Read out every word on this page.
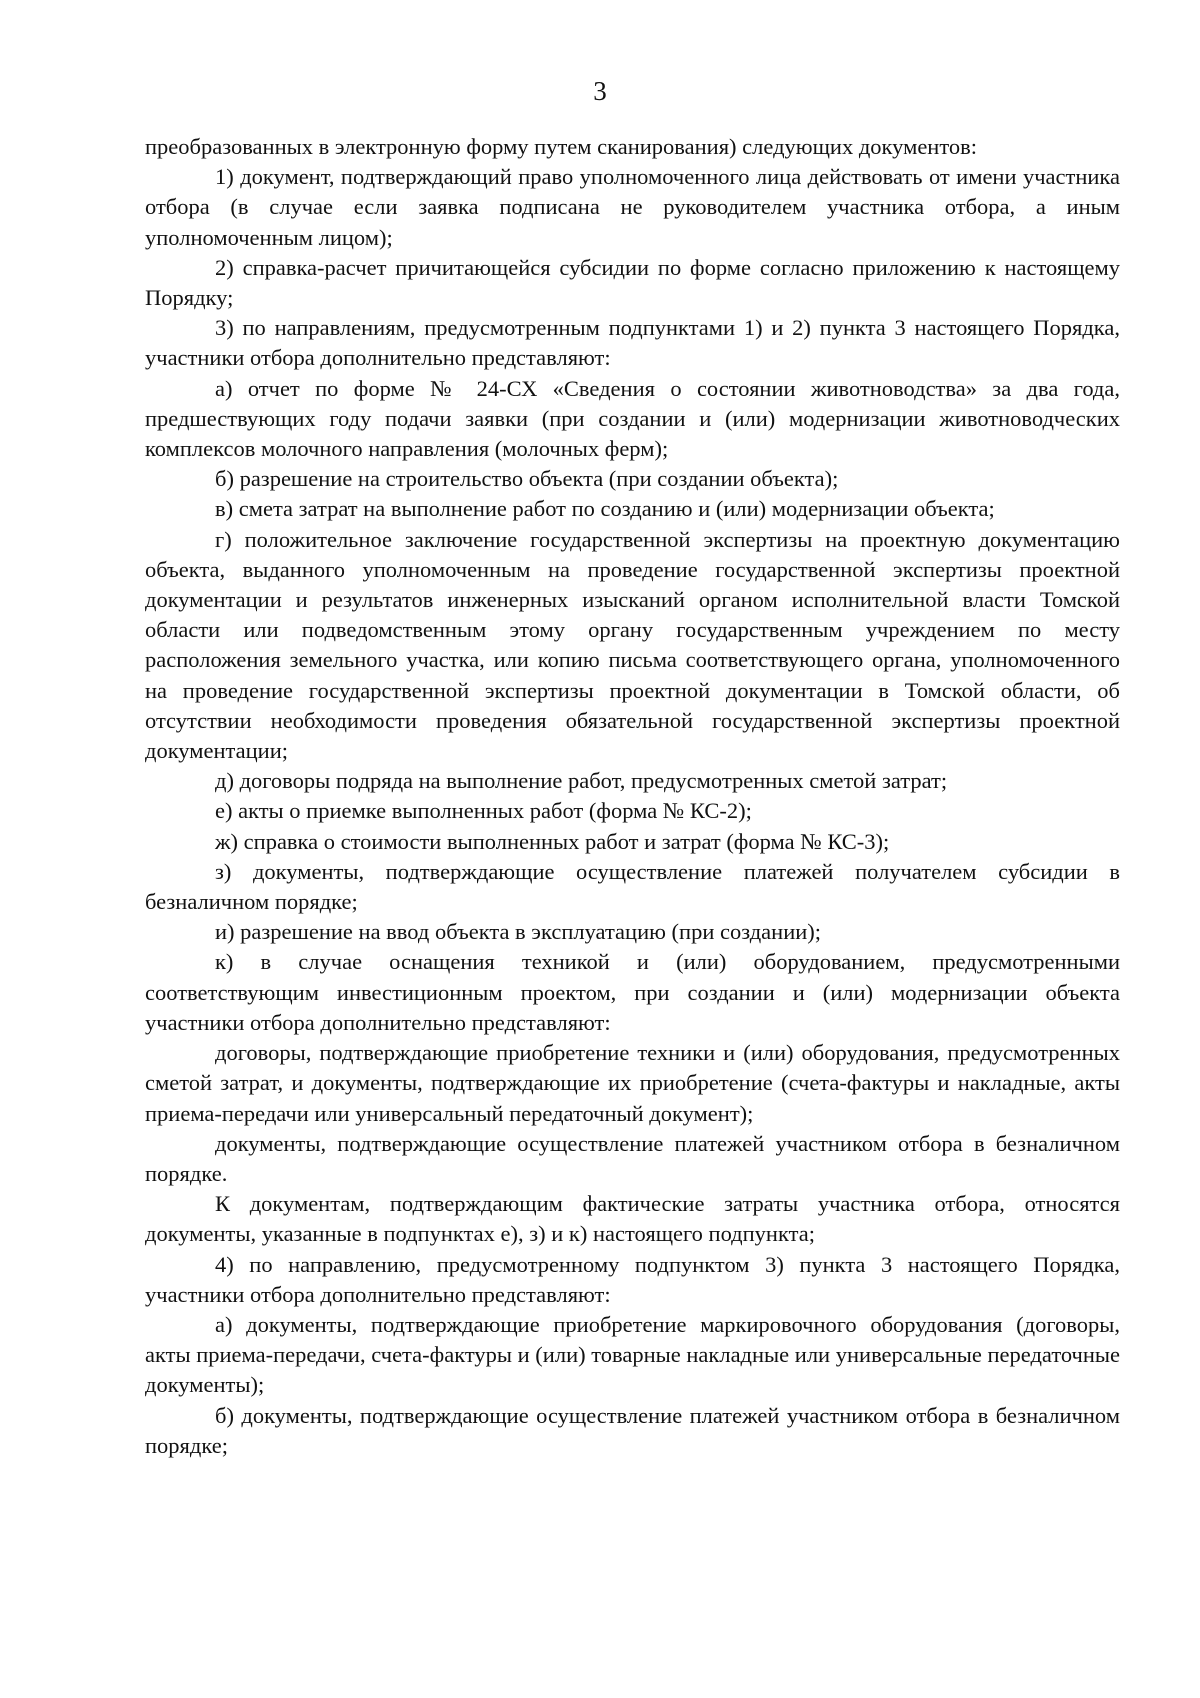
3

преобразованных в электронную форму путем сканирования) следующих документов:

1) документ, подтверждающий право уполномоченного лица действовать от имени участника отбора (в случае если заявка подписана не руководителем участника отбора, а иным уполномоченным лицом);

2) справка-расчет причитающейся субсидии по форме согласно приложению к настоящему Порядку;

3) по направлениям, предусмотренным подпунктами 1) и 2) пункта 3 настоящего Порядка, участники отбора дополнительно представляют:

а) отчет по форме № 24-СХ «Сведения о состоянии животноводства» за два года, предшествующих году подачи заявки (при создании и (или) модернизации животноводческих комплексов молочного направления (молочных ферм);

б) разрешение на строительство объекта (при создании объекта);

в) смета затрат на выполнение работ по созданию и (или) модернизации объекта;

г) положительное заключение государственной экспертизы на проектную документацию объекта, выданного уполномоченным на проведение государственной экспертизы проектной документации и результатов инженерных изысканий органом исполнительной власти Томской области или подведомственным этому органу государственным учреждением по месту расположения земельного участка, или копию письма соответствующего органа, уполномоченного на проведение государственной экспертизы проектной документации в Томской области, об отсутствии необходимости проведения обязательной государственной экспертизы проектной документации;

д) договоры подряда на выполнение работ, предусмотренных сметой затрат;

е) акты о приемке выполненных работ (форма № КС-2);

ж) справка о стоимости выполненных работ и затрат (форма № КС-3);

з) документы, подтверждающие осуществление платежей получателем субсидии в безналичном порядке;

и) разрешение на ввод объекта в эксплуатацию (при создании);

к) в случае оснащения техникой и (или) оборудованием, предусмотренными соответствующим инвестиционным проектом, при создании и (или) модернизации объекта участники отбора дополнительно представляют:

договоры, подтверждающие приобретение техники и (или) оборудования, предусмотренных сметой затрат, и документы, подтверждающие их приобретение (счета-фактуры и накладные, акты приема-передачи или универсальный передаточный документ);

документы, подтверждающие осуществление платежей участником отбора в безналичном порядке.

К документам, подтверждающим фактические затраты участника отбора, относятся документы, указанные в подпунктах е), з) и к) настоящего подпункта;

4) по направлению, предусмотренному подпунктом 3) пункта 3 настоящего Порядка, участники отбора дополнительно представляют:

а) документы, подтверждающие приобретение маркировочного оборудования (договоры, акты приема-передачи, счета-фактуры и (или) товарные накладные или универсальные передаточные документы);

б) документы, подтверждающие осуществление платежей участником отбора в безналичном порядке;
